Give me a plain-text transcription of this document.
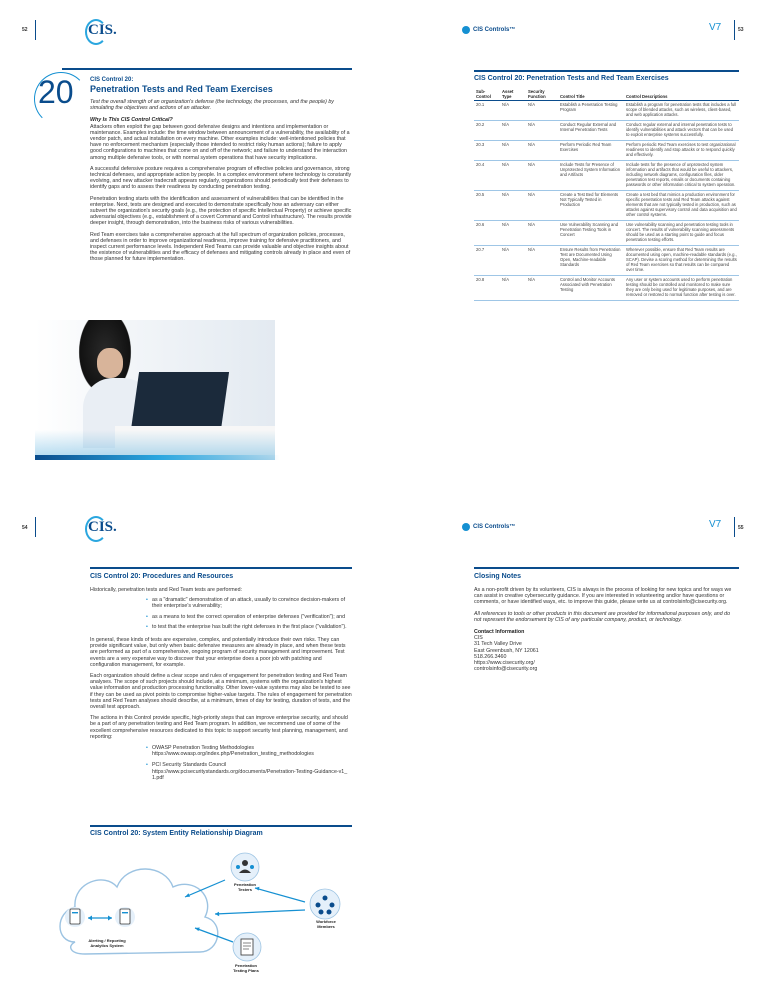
52	CIS.
20	CIS Control 20:
Penetration Tests and Red Team Exercises

Test the overall strength of an organization's defense (the technology, the processes, and the people) by simulating the objectives and actions of an attacker.

Why Is This CIS Control Critical?

Attackers often exploit the gap between good defensive designs and intentions and implementation or maintenance. Examples include: the time window between announcement of a vulnerability, the availability of a vendor patch, and actual installation on every machine. Other examples include: well-intentioned policies that have no enforcement mechanism (especially those intended to restrict risky human actions); failure to apply good configurations to machines that come on and off of the network; and failure to understand the interaction among multiple defensive tools, or with normal system operations that have security implications.

A successful defensive posture requires a comprehensive program of effective policies and governance, strong technical defenses, and appropriate action by people. In a complex environment where technology is constantly evolving, and new attacker tradecraft appears regularly, organizations should periodically test their defenses to identify gaps and to assess their readiness by conducting penetration testing.

Penetration testing starts with the identification and assessment of vulnerabilities that can be identified in the enterprise. Next, tests are designed and executed to demonstrate specifically how an adversary can either subvert the organization's security goals (e.g., the protection of specific Intellectual Property) or achieve specific adversarial objectives (e.g., establishment of a covert Command and Control infrastructure). The results provide deeper insight, through demonstration, into the business risks of various vulnerabilities.

Red Team exercises take a comprehensive approach at the full spectrum of organization policies, processes, and defenses in order to improve organizational readiness, improve training for defensive practitioners, and inspect current performance levels. Independent Red Teams can provide valuable and objective insights about the existence of vulnerabilities and the efficacy of defenses and mitigating controls already in place and even of those planned for future implementation.

CIS Controls™	V7	53
CIS Control 20: Penetration Tests and Red Team Exercises
Sub-Control	Asset Type	Security Function	Control Title	Control Descriptions
20.1	N/A	N/A	Establish a Penetration Testing Program	Establish a program for penetration tests that includes a full scope of blended attacks, such as wireless, client-based, and web application attacks.
20.2	N/A	N/A	Conduct Regular External and Internal Penetration Tests	Conduct regular external and internal penetration tests to identify vulnerabilities and attack vectors that can be used to exploit enterprise systems successfully.
20.3	N/A	N/A	Perform Periodic Red Team Exercises	Perform periodic Red Team exercises to test organizational readiness to identify and stop attacks or to respond quickly and effectively.
20.4	N/A	N/A	Include Tests for Presence of Unprotected System Information and Artifacts	Include tests for the presence of unprotected system information and artifacts that would be useful to attackers, including network diagrams, configuration files, older penetration test reports, emails or documents containing passwords or other information critical to system operation.
20.5	N/A	N/A	Create a Test Bed for Elements Not Typically Tested in Production	Create a test bed that mimics a production environment for specific penetration tests and Red Team attacks against elements that are not typically tested in production, such as attacks against supervisory control and data acquisition and other control systems.
20.6	N/A	N/A	Use Vulnerability Scanning and Penetration Testing Tools in Concert	Use vulnerability scanning and penetration testing tools in concert. The results of vulnerability scanning assessments should be used as a starting point to guide and focus penetration testing efforts.
20.7	N/A	N/A	Ensure Results from Penetration Test are Documented Using Open, Machine-readable Standards	Wherever possible, ensure that Red Team results are documented using open, machine-readable standards (e.g., SCAP). Devise a scoring method for determining the results of Red Team exercises so that results can be compared over time.
20.8	N/A	N/A	Control and Monitor Accounts Associated with Penetration Testing	Any user or system accounts used to perform penetration testing should be controlled and monitored to make sure they are only being used for legitimate purposes, and are removed or restored to normal function after testing is over.
54	CIS.
CIS Control 20: Procedures and Resources

Historically, penetration tests and Red Team tests are performed:

• as a "dramatic" demonstration of an attack, usually to convince decision-makers of their enterprise's vulnerability;
• as a means to test the correct operation of enterprise defenses ("verification"); and
• to test that the enterprise has built the right defenses in the first place ("validation").

In general, these kinds of tests are expensive, complex, and potentially introduce their own risks. They can provide significant value, but only when basic defensive measures are already in place, and when these tests are performed as part of a comprehensive, ongoing program of security management and improvement. Test events are a very expensive way to discover that your enterprise does a poor job with patching and configuration management, for example.

Each organization should define a clear scope and rules of engagement for penetration testing and Red Team analyses. The scope of such projects should include, at a minimum, systems with the organization's highest value information and production processing functionality. Other lower-value systems may also be tested to see if they can be used as pivot points to compromise higher-value targets. The rules of engagement for penetration tests and Red Team analyses should describe, at a minimum, times of day for testing, duration of tests, and the overall test approach.

The actions in this Control provide specific, high-priority steps that can improve enterprise security, and should be a part of any penetration testing and Red Team program. In addition, we recommend use of some of the excellent comprehensive resources dedicated to this topic to support security test planning, management, and reporting:

• OWASP Penetration Testing Methodologies
https://www.owasp.org/index.php/Penetration_testing_methodologies
• PCI Security Standards Council
https://www.pcisecuritystandards.org/documents/Penetration-Testing-Guidance-v1_1.pdf
CIS Control 20: System Entity Relationship Diagram
Alerting / Reporting Analytics System
Penetration Testers
Workforce Members
Penetration Testing Plans
CIS Controls™	V7	55
Closing Notes

As a non-profit driven by its volunteers, CIS is always in the process of looking for new topics and for ways we can assist in creative cybersecurity guidance. If you are interested in volunteering and/or have questions or comments, or have identified ways, etc. to improve this guide, please write us at controlsinfo@cisecurity.org.

All references to tools or other products in this document are provided for informational purposes only, and do not represent the endorsement by CIS of any particular company, product, or technology.

Contact Information

CIS
31 Tech Valley Drive
East Greenbush, NY 12061
518.266.3460
https://www.cisecurity.org/
controlsinfo@cisecurity.org
